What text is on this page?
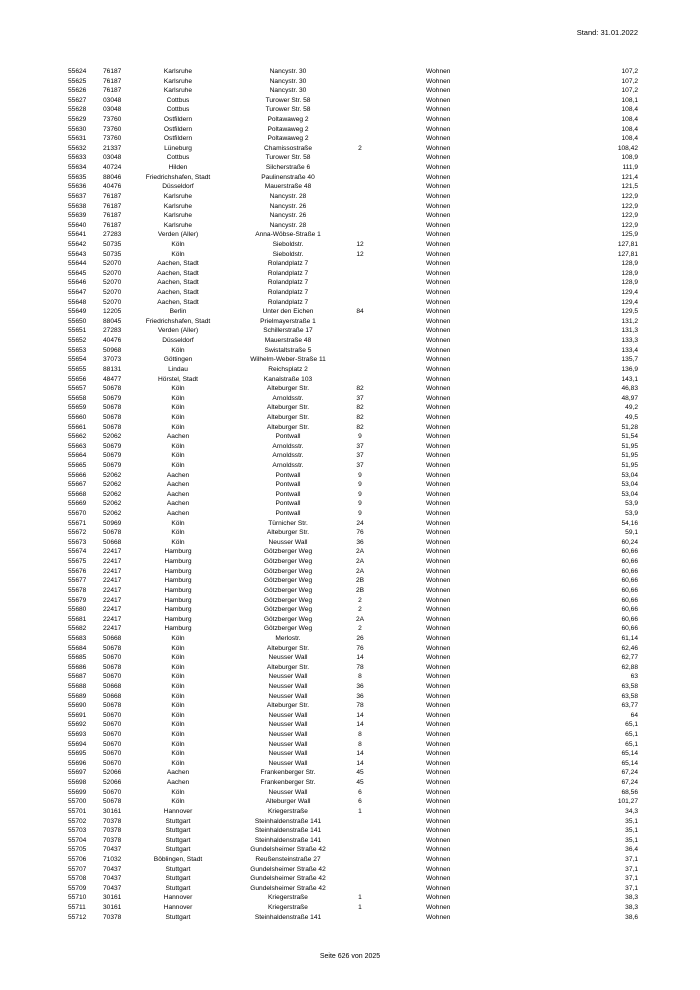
Stand: 31.01.2022
55624	76187	Karlsruhe	Nancystr. 30	Wohnen	107,2
55625	76187	Karlsruhe	Nancystr. 30	Wohnen	107,2
55626	76187	Karlsruhe	Nancystr. 30	Wohnen	107,2
55627	03048	Cottbus	Turower Str. 58	Wohnen	108,1
55628	03048	Cottbus	Turower Str. 58	Wohnen	108,4
55629	73760	Ostfildern	Poltawaweg 2	Wohnen	108,4
55630	73760	Ostfildern	Poltawaweg 2	Wohnen	108,4
55631	73760	Ostfildern	Poltawaweg 2	Wohnen	108,4
55632	21337	Lüneburg	Chamissostraße	2	Wohnen	108,42
55633	03048	Cottbus	Turower Str. 58	Wohnen	108,9
55634	40724	Hilden	Silcherstraße 6	Wohnen	111,9
55635	88046	Friedrichshafen, Stadt	Paulinenstraße 40	Wohnen	121,4
55636	40476	Düsseldorf	Mauerstraße 48	Wohnen	121,5
55637	76187	Karlsruhe	Nancystr. 28	Wohnen	122,9
55638	76187	Karlsruhe	Nancystr. 26	Wohnen	122,9
55639	76187	Karlsruhe	Nancystr. 26	Wohnen	122,9
55640	76187	Karlsruhe	Nancystr. 28	Wohnen	122,9
55641	27283	Verden (Aller)	Anna-Wöbse-Straße 1	Wohnen	125,9
55642	50735	Köln	Sieboldstr.	12	Wohnen	127,81
55643	50735	Köln	Sieboldstr.	12	Wohnen	127,81
55644	52070	Aachen, Stadt	Rolandplatz 7	Wohnen	128,9
55645	52070	Aachen, Stadt	Rolandplatz 7	Wohnen	128,9
55646	52070	Aachen, Stadt	Rolandplatz 7	Wohnen	128,9
55647	52070	Aachen, Stadt	Rolandplatz 7	Wohnen	129,4
55648	52070	Aachen, Stadt	Rolandplatz 7	Wohnen	129,4
55649	12205	Berlin	Unter den Eichen	84	Wohnen	129,5
55650	88045	Friedrichshafen, Stadt	Prielmayerstraße 1	Wohnen	131,2
55651	27283	Verden (Aller)	Schillerstraße 17	Wohnen	131,3
55652	40476	Düsseldorf	Mauerstraße 48	Wohnen	133,3
55653	50968	Köln	Swistaltstraße 5	Wohnen	133,4
55654	37073	Göttingen	Wilhelm-Weber-Straße 11	Wohnen	135,7
55655	88131	Lindau	Reichsplatz 2	Wohnen	136,9
55656	48477	Hörstel, Stadt	Kanalstraße 103	Wohnen	143,1
55657	50678	Köln	Alteburger Str.	82	Wohnen	46,83
55658	50679	Köln	Arnoldsstr.	37	Wohnen	48,97
55659	50678	Köln	Alteburger Str.	82	Wohnen	49,2
55660	50678	Köln	Alteburger Str.	82	Wohnen	49,5
55661	50678	Köln	Alteburger Str.	82	Wohnen	51,28
55662	52062	Aachen	Pontwall	9	Wohnen	51,54
55663	50679	Köln	Arnoldsstr.	37	Wohnen	51,95
55664	50679	Köln	Arnoldsstr.	37	Wohnen	51,95
55665	50679	Köln	Arnoldsstr.	37	Wohnen	51,95
55666	52062	Aachen	Pontwall	9	Wohnen	53,04
55667	52062	Aachen	Pontwall	9	Wohnen	53,04
55668	52062	Aachen	Pontwall	9	Wohnen	53,04
55669	52062	Aachen	Pontwall	9	Wohnen	53,9
55670	52062	Aachen	Pontwall	9	Wohnen	53,9
55671	50969	Köln	Türnicher Str.	24	Wohnen	54,16
55672	50678	Köln	Alteburger Str.	76	Wohnen	59,1
55673	50668	Köln	Neusser Wall	36	Wohnen	60,24
55674	22417	Hamburg	Götzberger Weg	2A	Wohnen	60,66
55675	22417	Hamburg	Götzberger Weg	2A	Wohnen	60,66
55676	22417	Hamburg	Götzberger Weg	2A	Wohnen	60,66
55677	22417	Hamburg	Götzberger Weg	2B	Wohnen	60,66
55678	22417	Hamburg	Götzberger Weg	2B	Wohnen	60,66
55679	22417	Hamburg	Götzberger Weg	2	Wohnen	60,66
55680	22417	Hamburg	Götzberger Weg	2	Wohnen	60,66
55681	22417	Hamburg	Götzberger Weg	2A	Wohnen	60,66
55682	22417	Hamburg	Götzberger Weg	2	Wohnen	60,66
55683	50668	Köln	Merlostr.	26	Wohnen	61,14
55684	50678	Köln	Alteburger Str.	76	Wohnen	62,46
55685	50670	Köln	Neusser Wall	14	Wohnen	62,77
55686	50678	Köln	Alteburger Str.	78	Wohnen	62,88
55687	50670	Köln	Neusser Wall	8	Wohnen	63
55688	50668	Köln	Neusser Wall	36	Wohnen	63,58
55689	50668	Köln	Neusser Wall	36	Wohnen	63,58
55690	50678	Köln	Alteburger Str.	78	Wohnen	63,77
55691	50670	Köln	Neusser Wall	14	Wohnen	64
55692	50670	Köln	Neusser Wall	14	Wohnen	65,1
55693	50670	Köln	Neusser Wall	8	Wohnen	65,1
55694	50670	Köln	Neusser Wall	8	Wohnen	65,1
55695	50670	Köln	Neusser Wall	14	Wohnen	65,14
55696	50670	Köln	Neusser Wall	14	Wohnen	65,14
55697	52066	Aachen	Frankenberger Str.	45	Wohnen	67,24
55698	52066	Aachen	Frankenberger Str.	45	Wohnen	67,24
55699	50670	Köln	Neusser Wall	6	Wohnen	68,56
55700	50678	Köln	Alteburger Wall	6	Wohnen	101,27
55701	30161	Hannover	Kriegerstraße	1	Wohnen	34,3
55702	70378	Stuttgart	Steinhaldenstraße 141	Wohnen	35,1
55703	70378	Stuttgart	Steinhaldenstraße 141	Wohnen	35,1
55704	70378	Stuttgart	Steinhaldenstraße 141	Wohnen	35,1
55705	70437	Stuttgart	Gundelsheimer Straße 42	Wohnen	36,4
55706	71032	Böblingen, Stadt	Reußensteinstraße 27	Wohnen	37,1
55707	70437	Stuttgart	Gundelsheimer Straße 42	Wohnen	37,1
55708	70437	Stuttgart	Gundelsheimer Straße 42	Wohnen	37,1
55709	70437	Stuttgart	Gundelsheimer Straße 42	Wohnen	37,1
55710	30161	Hannover	Kriegerstraße	1	Wohnen	38,3
55711	30161	Hannover	Kriegerstraße	1	Wohnen	38,3
55712	70378	Stuttgart	Steinhaldenstraße 141	Wohnen	38,6
Seite 626 von 2025
